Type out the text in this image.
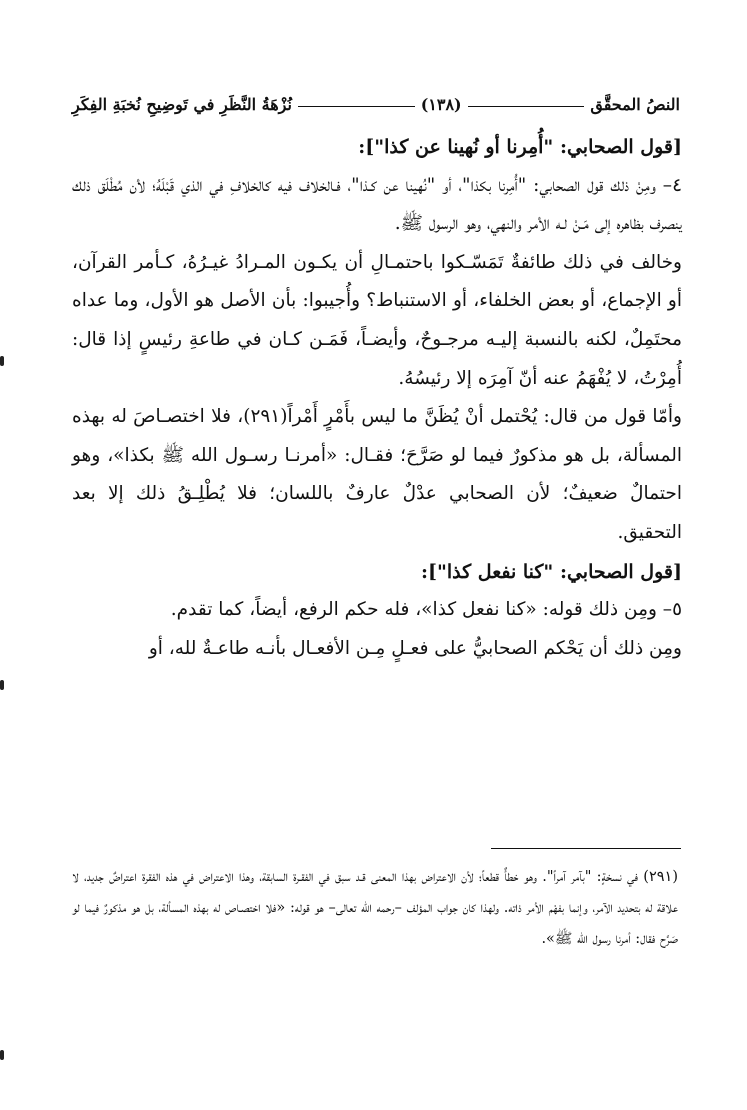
النصُ المحقَّق
(١٣٨)
نُزْهَةُ النَّظَرِ في تَوضِيحِ نُخبَةِ الفِكَرِ

[قول الصحابي: "أُمِرنا أو نُهينا عن كذا"]:

٤– ومِنْ ذلك قول الصحابي: "أُمِرنا بكذا"، أو "نُهينا عن كـذا"، فـالخلاف فيه كالخلافِ في الذي قَبْلَهُ؛ لأن مُطْلَق ذلك ينصرف بظاهره إلى مَـنْ لـه الأمر والنهي، وهو الرسول ﷺ.

وخالف في ذلك طائفةٌ تَمَسّـكوا باحتمـالِ أن يكـون المـرادُ غيـرُهُ، كـأمر القرآن، أو الإجماع، أو بعض الخلفاء، أو الاستنباط؟ وأُجيبوا: بأن الأصل هو الأول، وما عداه محتَمِلٌ، لكنه بالنسبة إليـه مرجـوحٌ، وأيضـاً، فَمَـن كـان في طاعةِ رئيسٍ إذا قال: أُمِرْتُ، لا يُفْهَمُ عنه أنّ آمِرَه إلا رئيسُهُ.

وأمّا قول من قال: يُحْتمل أنْ يُظَنَّ ما ليس بأَمْرٍ أَمْراً(٢٩١)، فلا اختصـاصَ له بهذه المسألة، بل هو مذكورٌ فيما لو صَرَّحَ؛ فقـال: «أمرنـا رسـول الله ﷺ بكذا»، وهو احتمالٌ ضعيفٌ؛ لأن الصحابي عدْلٌ عارفٌ باللسان؛ فلا يُطْلِـقُ ذلك إلا بعد التحقيق.

[قول الصحابي: "كنا نفعل كذا"]:

٥– ومِن ذلك قوله: «كنا نفعل كذا»، فله حكم الرفع، أيضاً، كما تقدم.

ومِن ذلك أن يَحْكم الصحابيُّ على فعـلٍ مِـن الأفعـال بأنـه طاعـةٌ لله، أو

(٢٩١) في نسخةٍ: "بآمر آمراً". وهو خطأٌ قطعاً؛ لأن الاعتراض بهذا المعنى قـد سبق في الفقـرة السابقة، وهذا الاعتراض في هذه الفقرة اعتراضٌ جديد، لا علاقة له بتحديد الآمر، وإنما بفهْم الأمر ذاته. ولهذا كان جواب المؤلف –رحمه الله تعالى– هو قوله: «فلا اختصـاص له بهذه المسألة، بل هو مذكورٌ فيما لو صَرَّح فقال: أمرنا رسول الله ﷺ».
